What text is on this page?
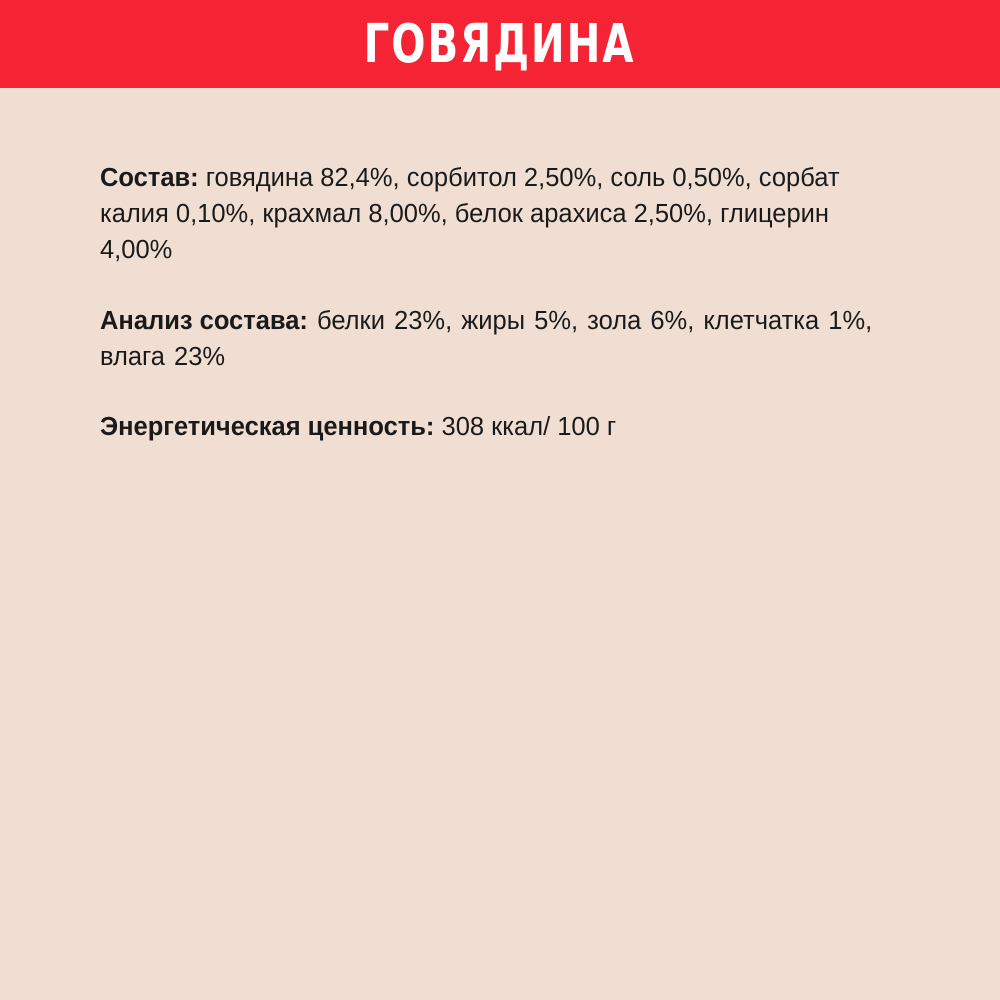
ГОВЯДИНА

Состав: говядина 82,4%, сорбитол 2,50%, соль 0,50%, сорбат калия 0,10%, крахмал 8,00%, белок арахиса 2,50%, глицерин 4,00%

Анализ состава: белки 23%, жиры 5%, зола 6%, клетчатка 1%, влага 23%

Энергетическая ценность: 308 ккал/ 100 г
